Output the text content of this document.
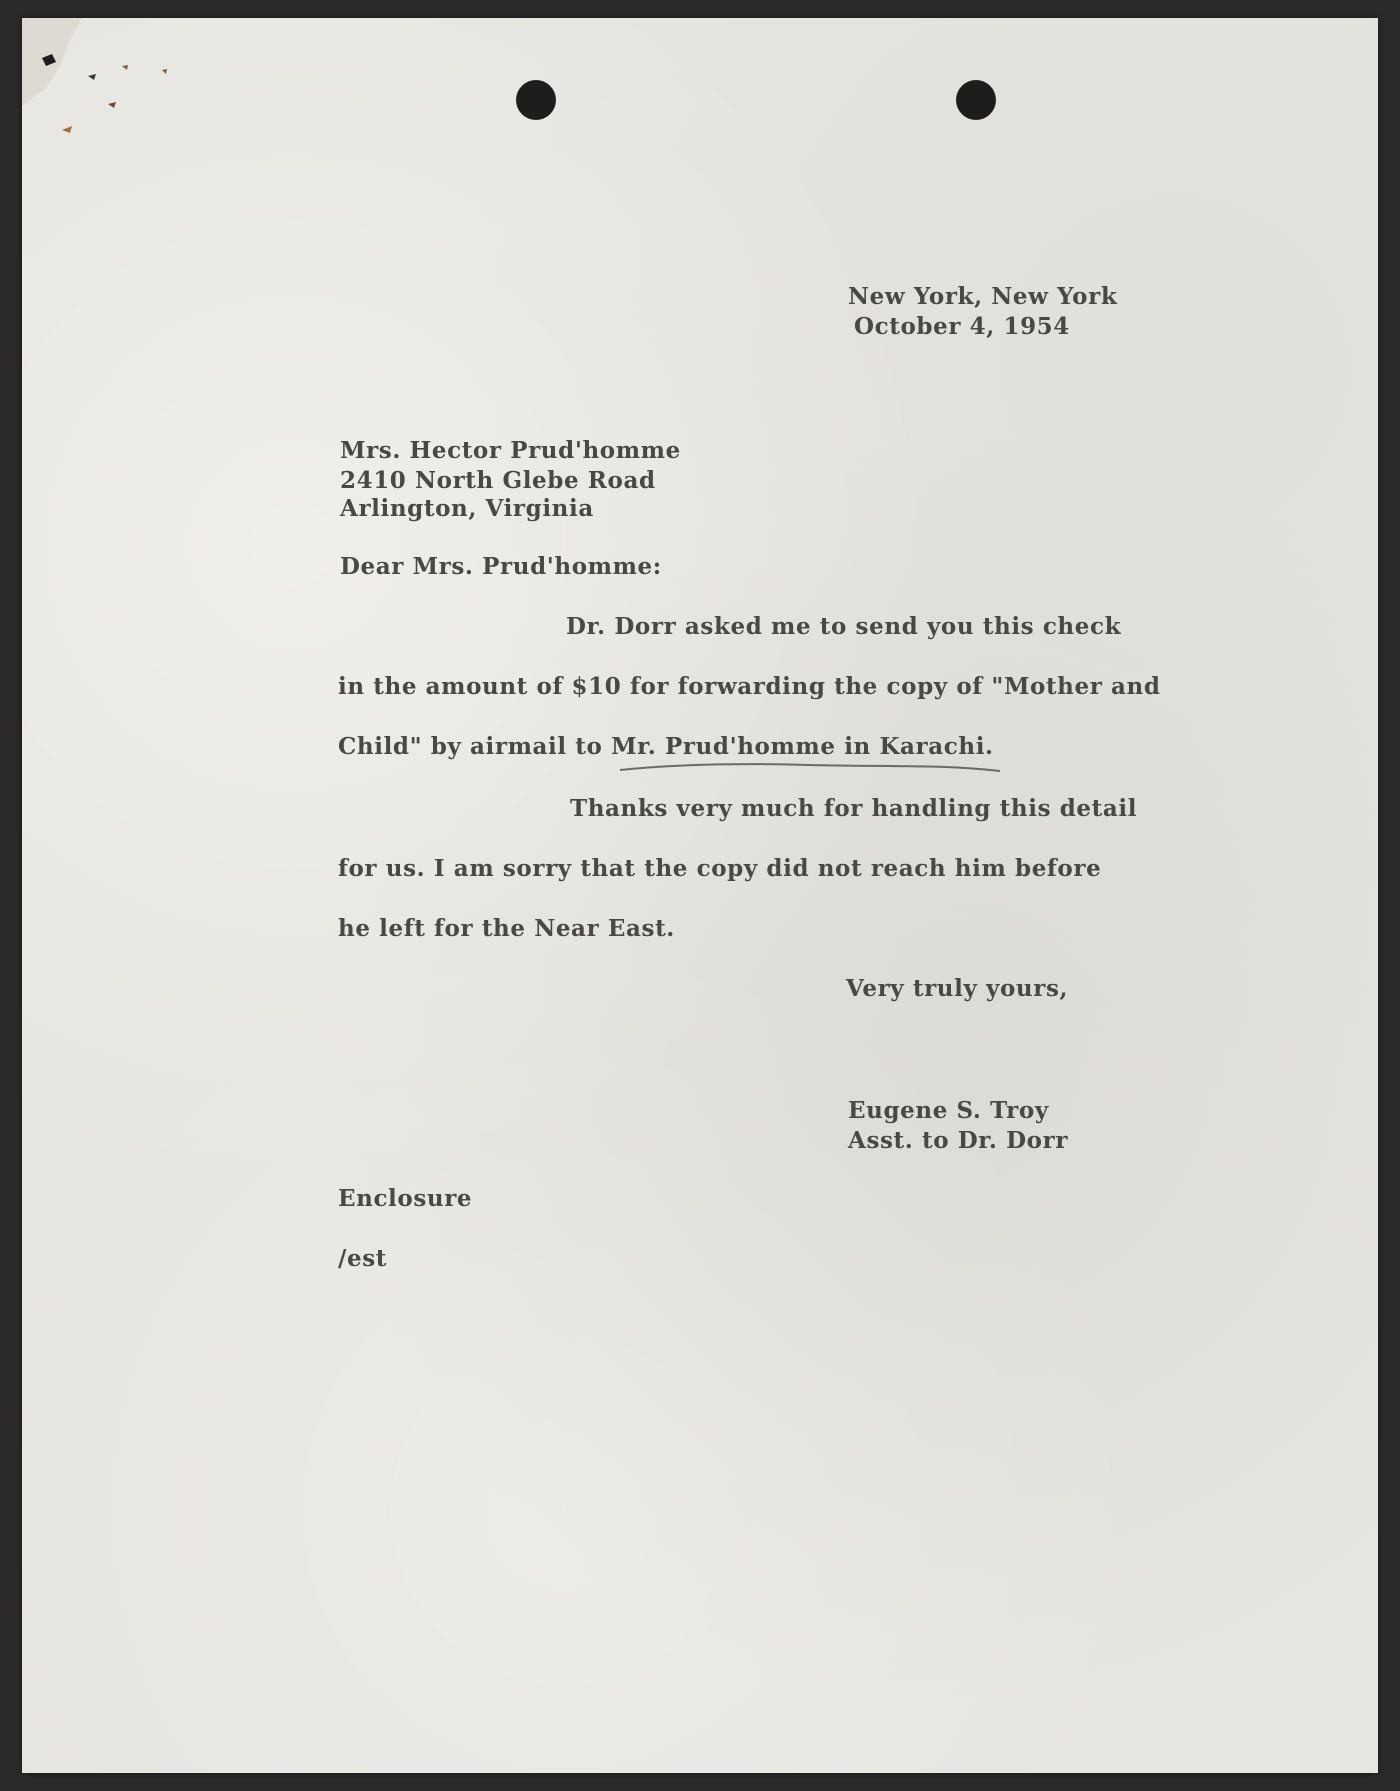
New York, New York
October 4, 1954
Mrs. Hector Prud'homme
2410 North Glebe Road
Arlington, Virginia
Dear Mrs. Prud'homme:
Dr. Dorr asked me to send you this check
in the amount of $10 for forwarding the copy of "Mother and
Child" by airmail to Mr. Prud'homme in Karachi.
Thanks very much for handling this detail
for us. I am sorry that the copy did not reach him before
he left for the Near East.
Very truly yours,
Eugene S. Troy
Asst. to Dr. Dorr
Enclosure
/est
